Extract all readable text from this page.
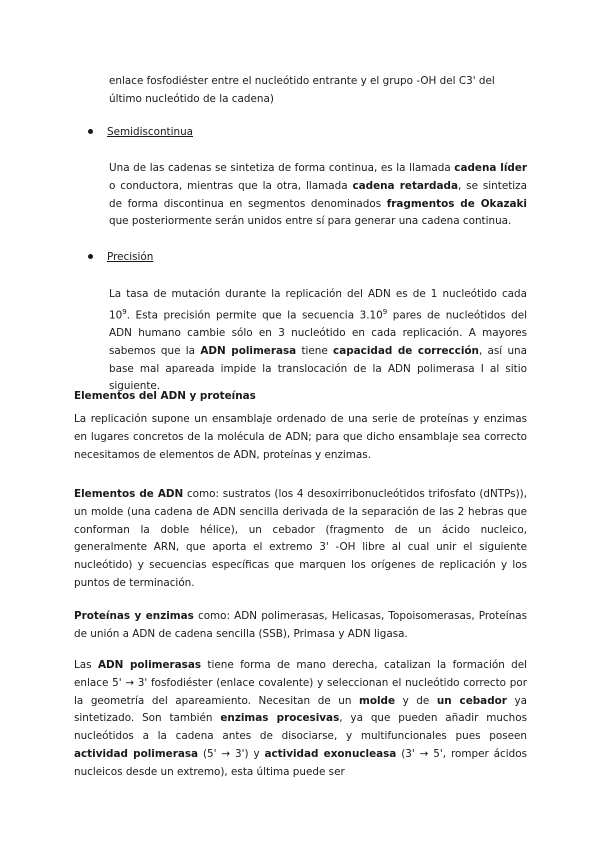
enlace fosfodiéster entre el nucleótido entrante y el grupo -OH del C3' del
último nucleótido de la cadena)

Semidiscontinua

Una de las cadenas se sintetiza de forma continua, es la llamada cadena líder o conductora, mientras que la otra, llamada cadena retardada, se sintetiza de forma discontinua en segmentos denominados fragmentos de Okazaki que posteriormente serán unidos entre sí para generar una cadena continua.

Precisión

La tasa de mutación durante la replicación del ADN es de 1 nucleótido cada $10^9$. Esta precisión permite que la secuencia 3.10$^9$ pares de nucleótidos del ADN humano cambie sólo en 3 nucleótido en cada replicación. A mayores sabemos que la ADN polimerasa tiene capacidad de corrección, así una base mal apareada impide la translocación de la ADN polimerasa I al sitio siguiente.

Elementos del ADN y proteínas

La replicación supone un ensamblaje ordenado de una serie de proteínas y enzimas en lugares concretos de la molécula de ADN; para que dicho ensamblaje sea correcto necesitamos de elementos de ADN, proteínas y enzimas.

Elementos de ADN como: sustratos (los 4 desoxirribonucleótidos trifosfato (dNTPs)), un molde (una cadena de ADN sencilla derivada de la separación de las 2 hebras que conforman la doble hélice), un cebador (fragmento de un ácido nucleico, generalmente ARN, que aporta el extremo 3' -OH libre al cual unir el siguiente nucleótido) y secuencias específicas que marquen los orígenes de replicación y los puntos de terminación.

Proteínas y enzimas como: ADN polimerasas, Helicasas, Topoisomerasas, Proteínas de unión a ADN de cadena sencilla (SSB), Primasa y ADN ligasa.

Las ADN polimerasas tiene forma de mano derecha, catalizan la formación del enlace 5' → 3' fosfodiéster (enlace covalente) y seleccionan el nucleótido correcto por la geometría del apareamiento. Necesitan de un molde y de un cebador ya sintetizado. Son también enzimas procesivas, ya que pueden añadir muchos nucleótidos a la cadena antes de disociarse, y multifuncionales pues poseen actividad polimerasa (5' → 3') y actividad exonucleasa (3' → 5', romper ácidos nucleicos desde un extremo), esta última puede ser
